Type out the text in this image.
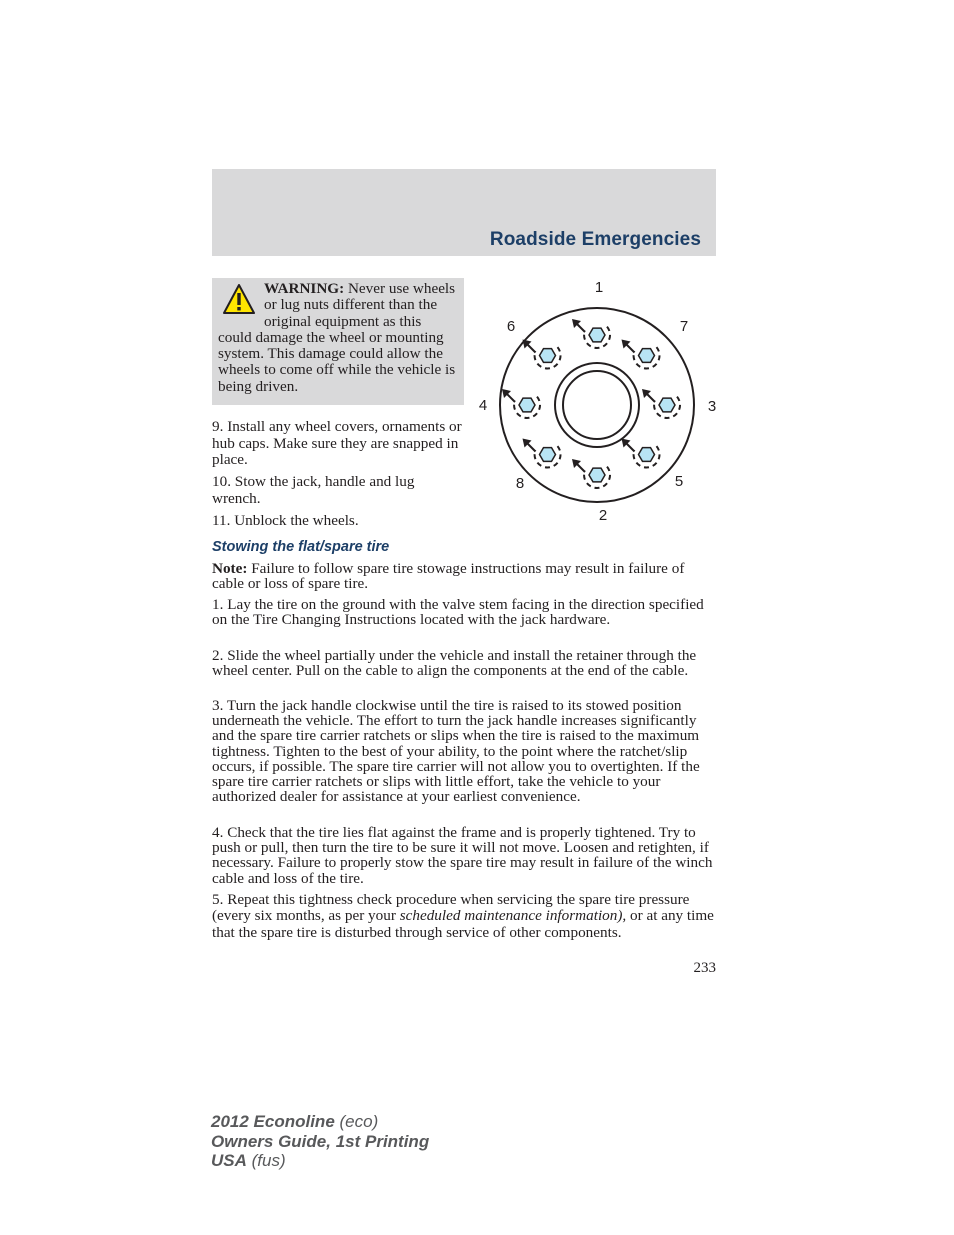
Roadside Emergencies
WARNING: Never use wheels or lug nuts different than the original equipment as this could damage the wheel or mounting system. This damage could allow the wheels to come off while the vehicle is being driven.

9. Install any wheel covers, ornaments or hub caps. Make sure they are snapped in place.

10. Stow the jack, handle and lug wrench.

11. Unblock the wheels.

1
2
3
4
5
6	7
8
Stowing the flat/spare tire

Note: Failure to follow spare tire stowage instructions may result in failure of cable or loss of spare tire.

1. Lay the tire on the ground with the valve stem facing in the direction specified on the Tire Changing Instructions located with the jack hardware.

2. Slide the wheel partially under the vehicle and install the retainer through the wheel center. Pull on the cable to align the components at the end of the cable.

3. Turn the jack handle clockwise until the tire is raised to its stowed position underneath the vehicle. The effort to turn the jack handle increases significantly and the spare tire carrier ratchets or slips when the tire is raised to the maximum tightness. Tighten to the best of your ability, to the point where the ratchet/slip occurs, if possible. The spare tire carrier will not allow you to overtighten. If the spare tire carrier ratchets or slips with little effort, take the vehicle to your authorized dealer for assistance at your earliest convenience.

4. Check that the tire lies flat against the frame and is properly tightened. Try to push or pull, then turn the tire to be sure it will not move. Loosen and retighten, if necessary. Failure to properly stow the spare tire may result in failure of the winch cable and loss of the tire.

5. Repeat this tightness check procedure when servicing the spare tire pressure (every six months, as per your scheduled maintenance information), or at any time that the spare tire is disturbed through service of other components.

233
2012 Econoline (eco)
Owners Guide, 1st Printing
USA (fus)
